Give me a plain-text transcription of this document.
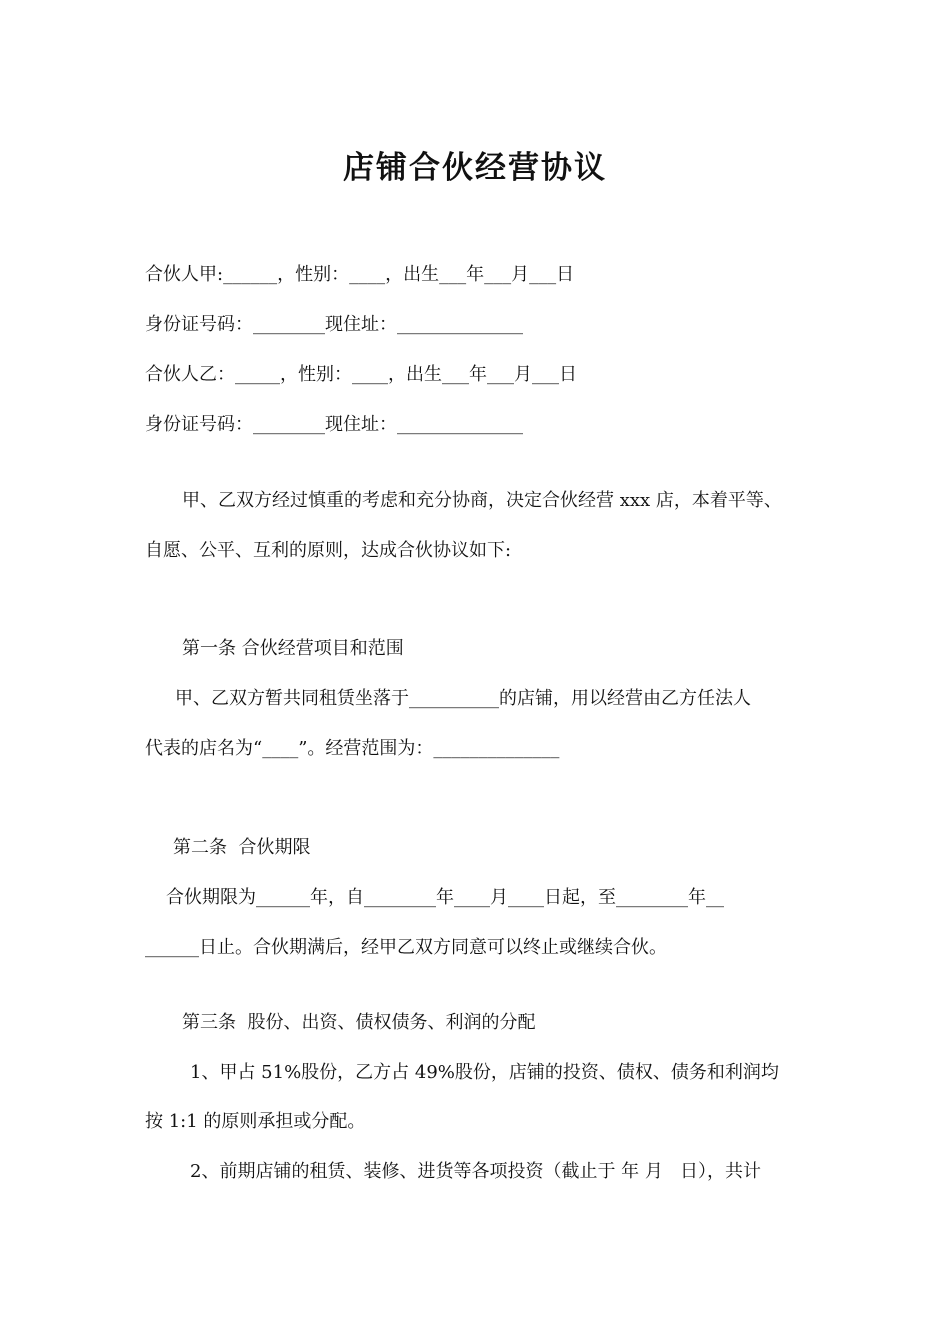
店铺合伙经营协议
合伙人甲:______，性别：____，出生___年___月___日
身份证号码：________现住址：______________
合伙人乙：_____，性别：____，出生___年___月___日
身份证号码：________现住址：______________
甲、乙双方经过慎重的考虑和充分协商，决定合伙经营 xxx 店，本着平等、
自愿、公平、互利的原则，达成合伙协议如下:
第一条 合伙经营项目和范围
甲、乙双方暂共同租赁坐落于__________的店铺，用以经营由乙方任法人
代表的店名为“____”。经营范围为：______________
第二条  合伙期限
合伙期限为______年，自________年____月____日起，至________年__
______日止。合伙期满后，经甲乙双方同意可以终止或继续合伙。
第三条  股份、出资、债权债务、利润的分配
1、甲占 51%股份，乙方占 49%股份，店铺的投资、债权、债务和利润均
按 1:1 的原则承担或分配。
2、前期店铺的租赁、装修、进货等各项投资（截止于 年 月   日），共计
